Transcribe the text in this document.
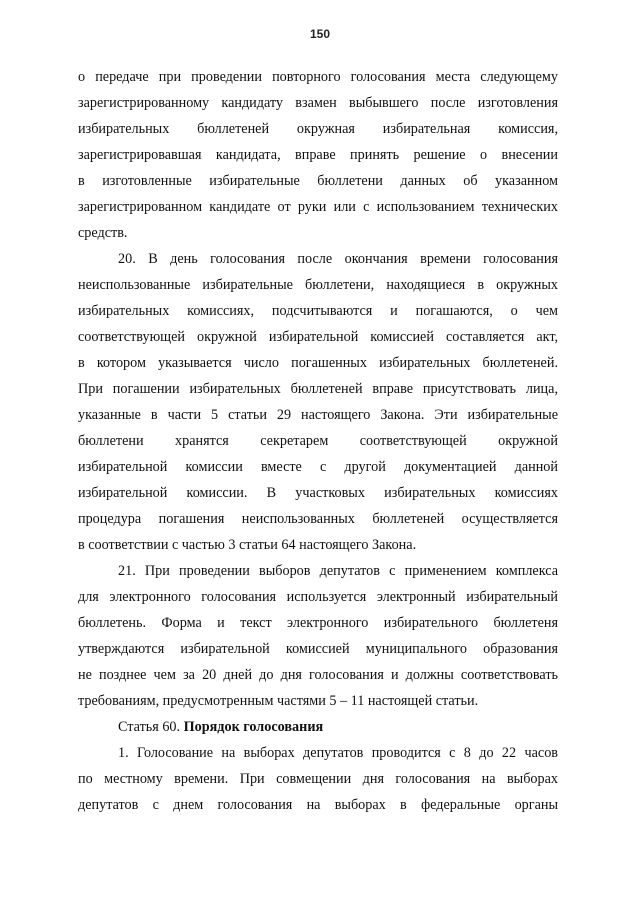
150
о передаче при проведении повторного голосования места следующему
зарегистрированному кандидату взамен выбывшего после изготовления
избирательных бюллетеней окружная избирательная комиссия,
зарегистрировавшая кандидата, вправе принять решение о внесении
в изготовленные избирательные бюллетени данных об указанном
зарегистрированном кандидате от руки или с использованием технических
средств.
20. В день голосования после окончания времени голосования
неиспользованные избирательные бюллетени, находящиеся в окружных
избирательных комиссиях, подсчитываются и погашаются, о чем
соответствующей окружной избирательной комиссией составляется акт,
в котором указывается число погашенных избирательных бюллетеней.
При погашении избирательных бюллетеней вправе присутствовать лица,
указанные в части 5 статьи 29 настоящего Закона. Эти избирательные
бюллетени хранятся секретарем соответствующей окружной
избирательной комиссии вместе с другой документацией данной
избирательной комиссии. В участковых избирательных комиссиях
процедура погашения неиспользованных бюллетеней осуществляется
в соответствии с частью 3 статьи 64 настоящего Закона.
21. При проведении выборов депутатов с применением комплекса
для электронного голосования используется электронный избирательный
бюллетень. Форма и текст электронного избирательного бюллетеня
утверждаются избирательной комиссией муниципального образования
не позднее чем за 20 дней до дня голосования и должны соответствовать
требованиям, предусмотренным частями 5 – 11 настоящей статьи.
Статья 60. Порядок голосования
1. Голосование на выборах депутатов проводится с 8 до 22 часов
по местному времени. При совмещении дня голосования на выборах
депутатов с днем голосования на выборах в федеральные органы
